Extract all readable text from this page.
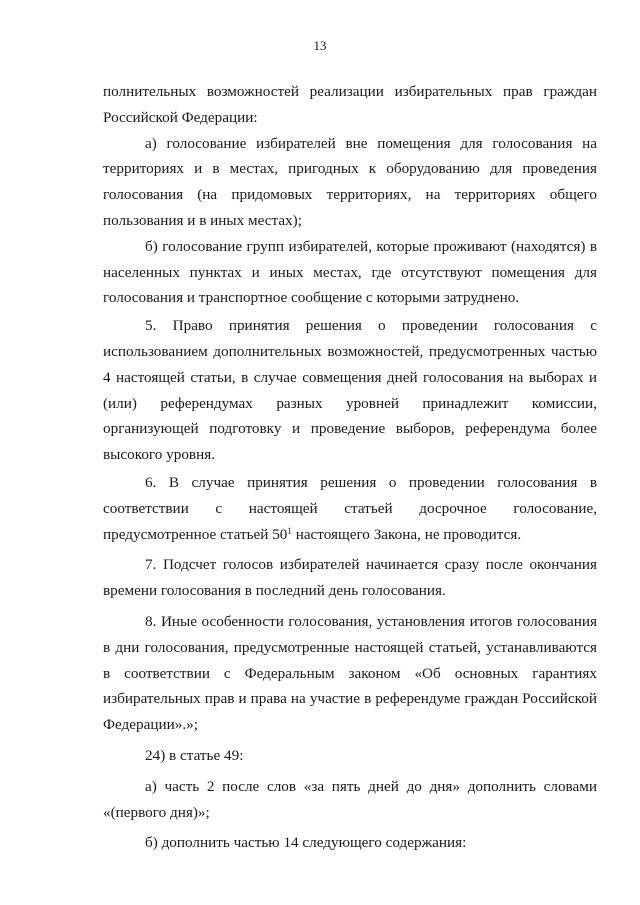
13

полнительных возможностей реализации избирательных прав граждан Российской Федерации:

а) голосование избирателей вне помещения для голосования на территориях и в местах, пригодных к оборудованию для проведения голосования (на придомовых территориях, на территориях общего пользования и в иных местах);

б) голосование групп избирателей, которые проживают (находятся) в населенных пунктах и иных местах, где отсутствуют помещения для голосования и транспортное сообщение с которыми затруднено.

5. Право принятия решения о проведении голосования с использованием дополнительных возможностей, предусмотренных частью 4 настоящей статьи, в случае совмещения дней голосования на выборах и (или) референдумах разных уровней принадлежит комиссии, организующей подготовку и проведение выборов, референдума более высокого уровня.

6. В случае принятия решения о проведении голосования в соответствии с настоящей статьей досрочное голосование, предусмотренное статьей $50^1$ настоящего Закона, не проводится.

7. Подсчет голосов избирателей начинается сразу после окончания времени голосования в последний день голосования.

8. Иные особенности голосования, установления итогов голосования в дни голосования, предусмотренные настоящей статьей, устанавливаются в соответствии с Федеральным законом «Об основных гарантиях избирательных прав и права на участие в референдуме граждан Российской Федерации».»;

24) в статье 49:

а) часть 2 после слов «за пять дней до дня» дополнить словами «(первого дня)»;

б) дополнить частью 14 следующего содержания:
